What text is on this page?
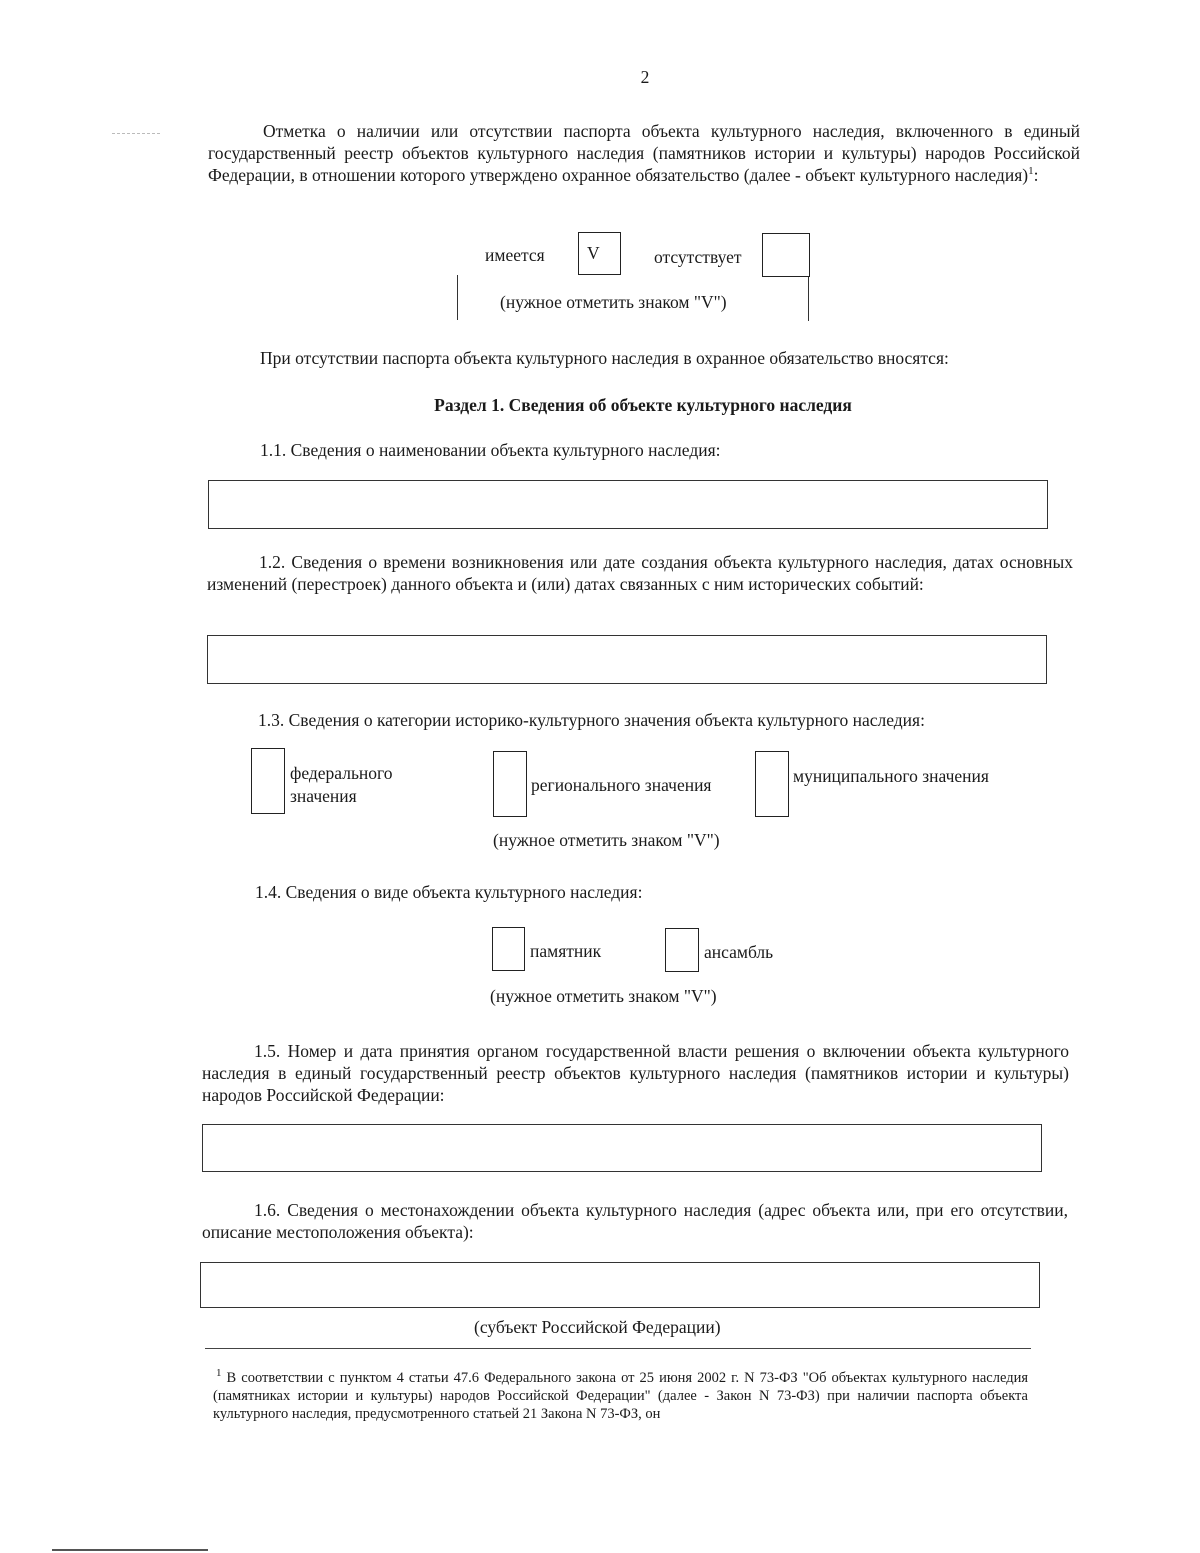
2
Отметка о наличии или отсутствии паспорта объекта культурного наследия, включенного в единый государственный реестр объектов культурного наследия (памятников истории и культуры) народов Российской Федерации, в отношении которого утверждено охранное обязательство (далее - объект культурного наследия)$^1$:
имеется V	отсутствует
(нужное отметить знаком "V")
При отсутствии паспорта объекта культурного наследия в охранное обязательство вносятся:
Раздел 1. Сведения об объекте культурного наследия
1.1. Сведения о наименовании объекта культурного наследия:
1.2. Сведения о времени возникновения или дате создания объекта культурного наследия, датах основных изменений (перестроек) данного объекта и (или) датах связанных с ним исторических событий:
1.3. Сведения о категории историко-культурного значения объекта культурного наследия:
федерального
значения
регионального значения	муниципального значения
(нужное отметить знаком "V")
1.4. Сведения о виде объекта культурного наследия:
памятник	ансамбль
(нужное отметить знаком "V")
1.5. Номер и дата принятия органом государственной власти решения о включении объекта культурного наследия в единый государственный реестр объектов культурного наследия (памятников истории и культуры) народов Российской Федерации:
1.6. Сведения о местонахождении объекта культурного наследия (адрес объекта или, при его отсутствии, описание местоположения объекта):
(субъект Российской Федерации)
$^1$ В соответствии с пунктом 4 статьи 47.6 Федерального закона от 25 июня 2002 г. N 73-ФЗ "Об объектах культурного наследия (памятниках истории и культуры) народов Российской Федерации" (далее - Закон N 73-ФЗ) при наличии паспорта объекта культурного наследия, предусмотренного статьей 21 Закона N 73-ФЗ, он
